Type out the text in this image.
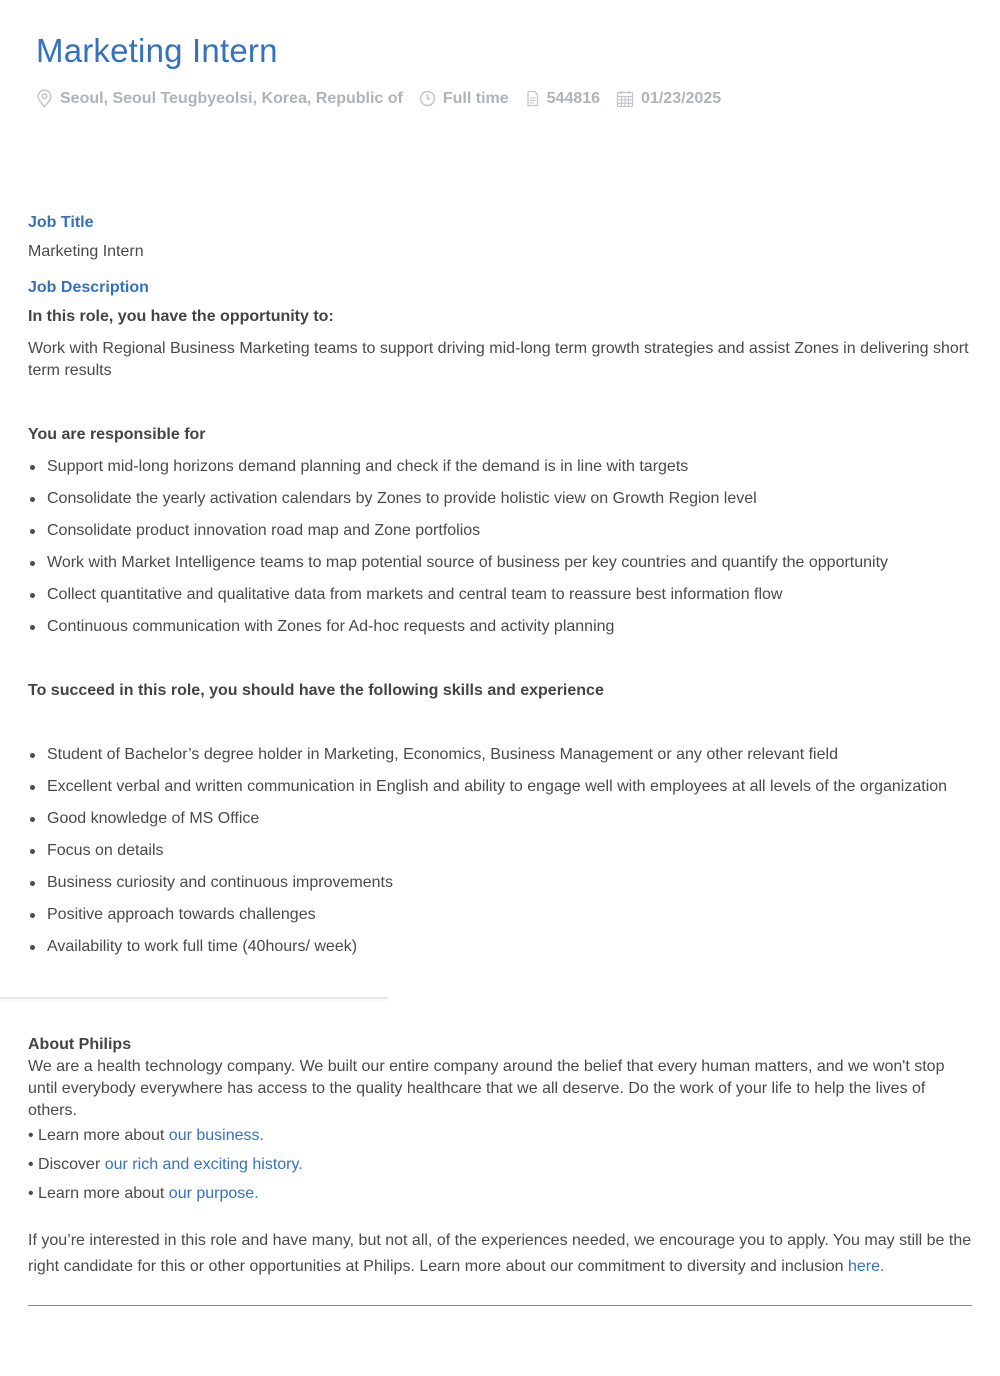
Marketing Intern
Seoul, Seoul Teugbyeolsi, Korea, Republic of	Full time 544816	01/23/2025
Job Title

Marketing Intern

Job Description

In this role, you have the opportunity to:

Work with Regional Business Marketing teams to support driving mid-long term growth strategies and assist Zones in delivering short term results

You are responsible for

Support mid-long horizons demand planning and check if the demand is in line with targets
Consolidate the yearly activation calendars by Zones to provide holistic view on Growth Region level
Consolidate product innovation road map and Zone portfolios
Work with Market Intelligence teams to map potential source of business per key countries and quantify the opportunity
Collect quantitative and qualitative data from markets and central team to reassure best information flow
Continuous communication with Zones for Ad-hoc requests and activity planning

To succeed in this role, you should have the following skills and experience

Student of Bachelor’s degree holder in Marketing, Economics, Business Management or any other relevant field
Excellent verbal and written communication in English and ability to engage well with employees at all levels of the organization
Good knowledge of MS Office
Focus on details
Business curiosity and continuous improvements
Positive approach towards challenges
Availability to work full time (40hours/ week)

About Philips

We are a health technology company. We built our entire company around the belief that every human matters, and we won't stop until everybody everywhere has access to the quality healthcare that we all deserve. Do the work of your life to help the lives of others.

• Learn more about our business.

• Discover our rich and exciting history.

• Learn more about our purpose.

If you’re interested in this role and have many, but not all, of the experiences needed, we encourage you to apply. You may still be the right candidate for this or other opportunities at Philips. Learn more about our commitment to diversity and inclusion here.
